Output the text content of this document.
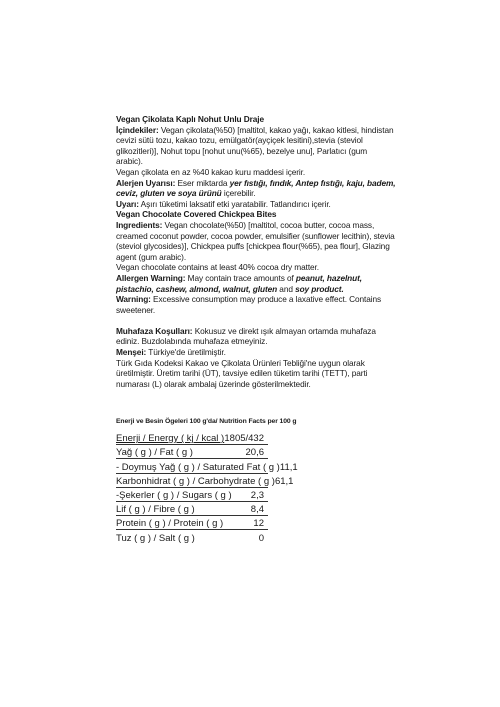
Vegan Çikolata Kaplı Nohut Unlu Draje

İçindekiler: Vegan çikolata(%50) [maltitol, kakao yağı, kakao kitlesi, hindistan cevizi sütü tozu, kakao tozu, emülgatör(ayçiçek lesitini),stevia (steviol glikozitleri)], Nohut topu [nohut unu(%65), bezelye unu], Parlatıcı (gum arabic).

Vegan çikolata en az %40 kakao kuru maddesi içerir.

Alerjen Uyarısı: Eser miktarda yer fıstığı, fındık, Antep fıstığı, kaju, badem, ceviz, gluten ve soya ürünü içerebilir.

Uyarı: Aşırı tüketimi laksatif etki yaratabilir. Tatlandırıcı içerir.

Vegan Chocolate Covered Chickpea Bites

Ingredients: Vegan chocolate(%50) [maltitol, cocoa butter, cocoa mass, creamed coconut powder, cocoa powder, emulsifier (sunflower lecithin), stevia (steviol glycosides)], Chickpea puffs [chickpea flour(%65), pea flour], Glazing agent (gum arabic).

Vegan chocolate contains at least 40% cocoa dry matter.

Allergen Warning: May contain trace amounts of peanut, hazelnut, pistachio, cashew, almond, walnut, gluten and soy product.

Warning: Excessive consumption may produce a laxative effect. Contains sweetener.

Muhafaza Koşulları: Kokusuz ve direkt ışık almayan ortamda muhafaza ediniz. Buzdolabında muhafaza etmeyiniz.

Menşei: Türkiye'de üretilmiştir.

Türk Gıda Kodeksi Kakao ve Çikolata Ürünleri Tebliği'ne uygun olarak üretilmiştir. Üretim tarihi (ÜT), tavsiye edilen tüketim tarihi (TETT), parti numarası (L) olarak ambalaj üzerinde gösterilmektedir.

Enerji ve Besin Ögeleri 100 g'da/ Nutrition Facts per 100 g
Enerji / Energy ( kj / kcal ) 1805/432
Yağ ( g ) / Fat ( g )	20,6
- Doymuş Yağ ( g ) / Saturated Fat ( g ) 11,1
Karbonhidrat ( g ) / Carbohydrate ( g ) 61,1
-Şekerler ( g ) / Sugars ( g ) 2,3
Lif ( g ) / Fibre ( g )	8,4
Protein ( g ) / Protein ( g )	12
Tuz ( g ) / Salt ( g )	0
